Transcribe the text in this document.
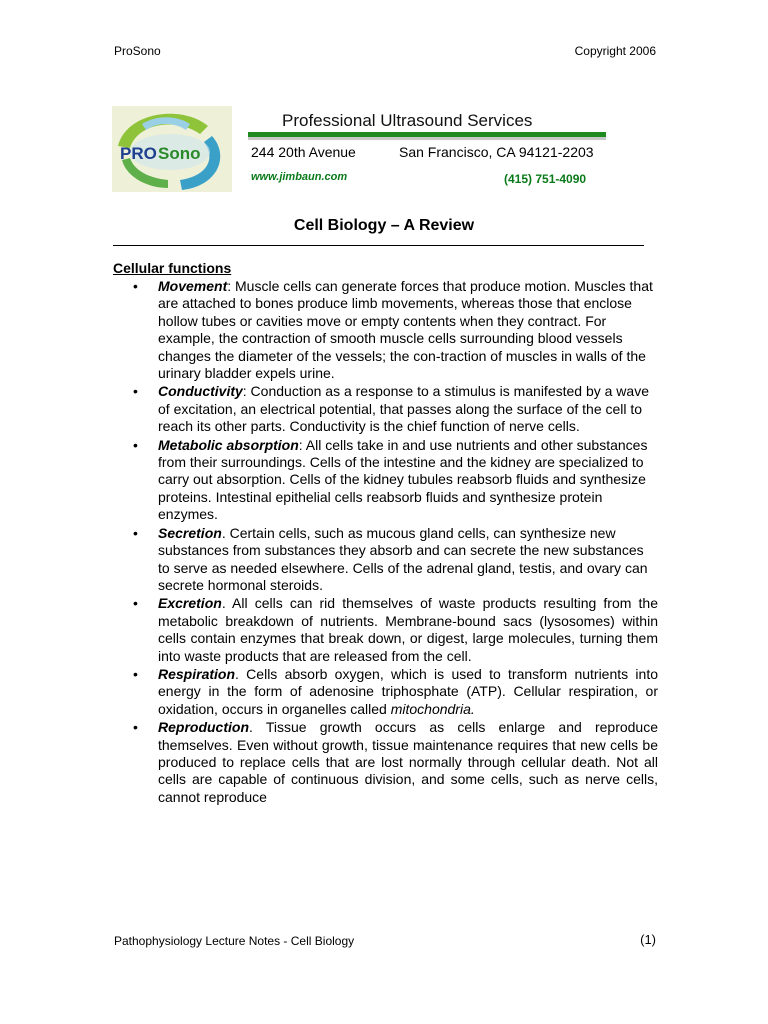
ProSono	Copyright 2006
PRO Sono
Professional Ultrasound Services
244 20th Avenue	San Francisco, CA 94121-2203
www.jimbaun.com	(415) 751-4090
Cell Biology – A Review
Cellular functions
• Movement: Muscle cells can generate forces that produce motion. Muscles that are attached to bones produce limb movements, whereas those that enclose hollow tubes or cavities move or empty contents when they contract. For example, the contraction of smooth muscle cells surrounding blood vessels changes the diameter of the vessels; the con-traction of muscles in walls of the urinary bladder expels urine.
• Conductivity: Conduction as a response to a stimulus is manifested by a wave of excitation, an electrical potential, that passes along the surface of the cell to reach its other parts. Conductivity is the chief function of nerve cells.
• Metabolic absorption: All cells take in and use nutrients and other substances from their surroundings. Cells of the intestine and the kidney are specialized to carry out absorption. Cells of the kidney tubules reabsorb fluids and synthesize proteins. Intestinal epithelial cells reabsorb fluids and synthesize protein enzymes.
• Secretion. Certain cells, such as mucous gland cells, can synthesize new substances from substances they absorb and can secrete the new substances to serve as needed elsewhere. Cells of the adrenal gland, testis, and ovary can secrete hormonal steroids.
• Excretion. All cells can rid themselves of waste products resulting from the metabolic breakdown of nutrients. Membrane-bound sacs (lysosomes) within cells contain enzymes that break down, or digest, large molecules, turning them into waste products that are released from the cell.
• Respiration. Cells absorb oxygen, which is used to transform nutrients into energy in the form of adenosine triphosphate (ATP). Cellular respiration, or oxidation, occurs in organelles called mitochondria.
• Reproduction. Tissue growth occurs as cells enlarge and reproduce themselves. Even without growth, tissue maintenance requires that new cells be produced to replace cells that are lost normally through cellular death. Not all cells are capable of continuous division, and some cells, such as nerve cells, cannot reproduce
Pathophysiology Lecture Notes - Cell Biology	(1)
